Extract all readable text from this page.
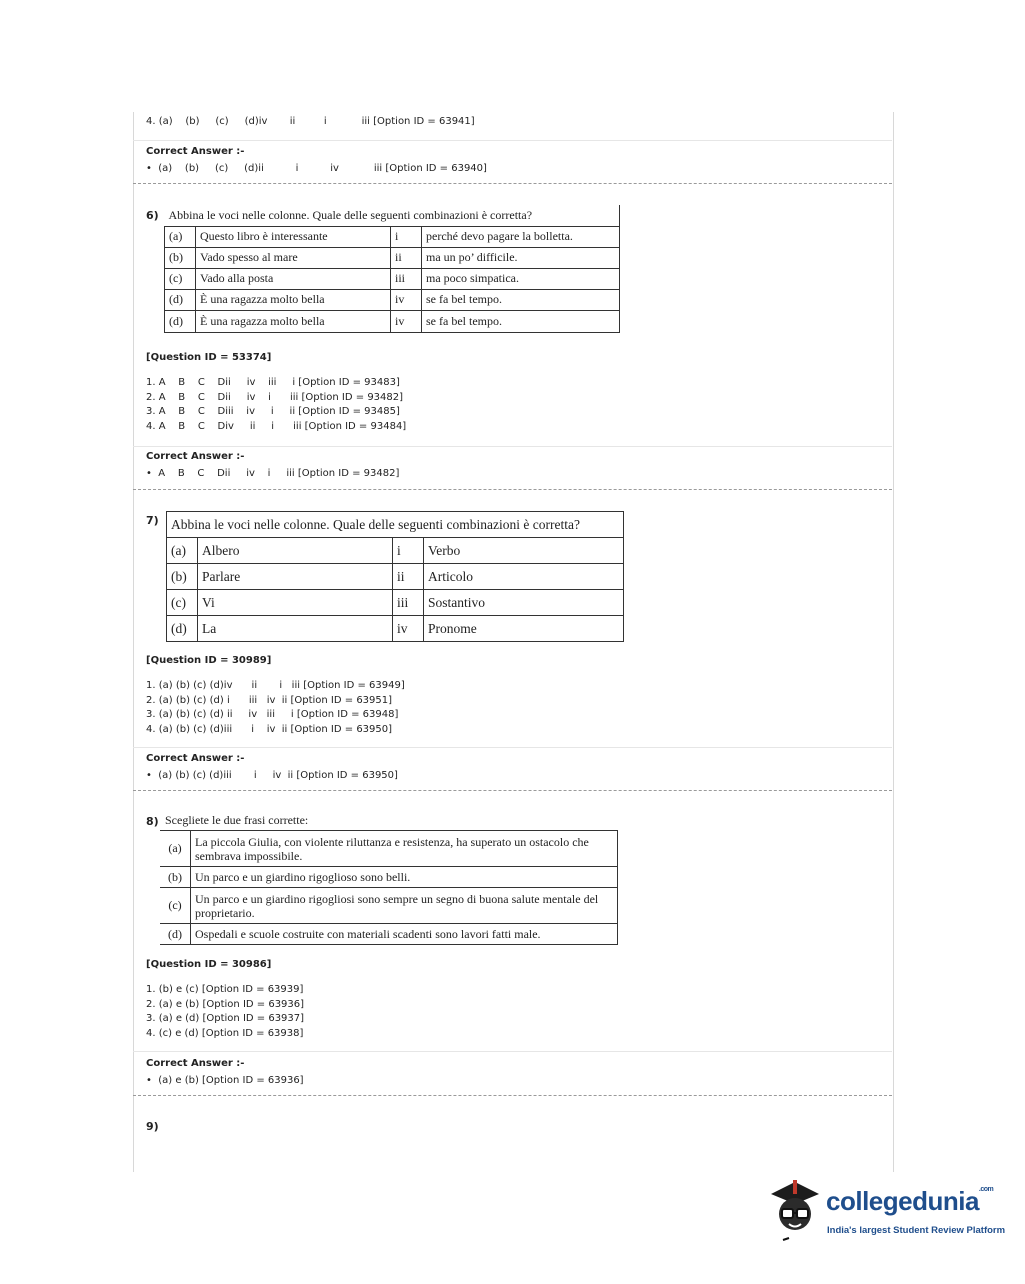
4. (a)    (b)     (c)     (d)iv       ii         i           iii [Option ID = 63941]
Correct Answer :-
•  (a)    (b)     (c)     (d)ii          i          iv           iii [Option ID = 63940]
6) Abbina le voci nelle colonne. Quale delle seguenti combinazioni è corretta?			
(a)	Questo libro è interessante	i	perché devo pagare la bolletta.
(b)	Vado spesso al mare	ii	ma un po’ difficile.
(c)	Vado alla posta	iii	ma poco simpatica.
(d)	È una ragazza molto bella	iv	se fa bel tempo.
(d)	È una ragazza molto bella	iv	se fa bel tempo.
[Question ID = 53374]
1. A    B    C    Dii     iv    iii     i [Option ID = 93483]
2. A    B    C    Dii     iv    i      iii [Option ID = 93482]
3. A    B    C    Diii    iv     i     ii [Option ID = 93485]
4. A    B    C    Div     ii     i      iii [Option ID = 93484]
Correct Answer :-
•  A    B    C    Dii     iv    i     iii [Option ID = 93482]
7) Abbina le voci nelle colonne. Quale delle seguenti combinazioni è corretta?			
(a)	Albero	i	Verbo
(b)	Parlare	ii	Articolo
(c)	Vi	iii	Sostantivo
(d)	La	iv	Pronome
[Question ID = 30989]
1. (a) (b) (c) (d)iv      ii       i   iii [Option ID = 63949]
2. (a) (b) (c) (d) i      iii   iv  ii [Option ID = 63951]
3. (a) (b) (c) (d) ii     iv   iii     i [Option ID = 63948]
4. (a) (b) (c) (d)iii      i    iv  ii [Option ID = 63950]
Correct Answer :-
•  (a) (b) (c) (d)iii       i     iv  ii [Option ID = 63950]
8) Scegliete le due frasi corrette:
(a)	La piccola Giulia, con violente riluttanza e resistenza, ha superato un ostacolo che sembrava impossibile.
(b)	Un parco e un giardino rigoglioso sono belli.
(c)	Un parco e un giardino rigogliosi sono sempre un segno di buona salute mentale del proprietario.
(d)	Ospedali e scuole costruite con materiali scadenti sono lavori fatti male.
[Question ID = 30986]
1. (b) e (c) [Option ID = 63939]
2. (a) e (b) [Option ID = 63936]
3. (a) e (d) [Option ID = 63937]
4. (c) e (d) [Option ID = 63938]
Correct Answer :-
•  (a) e (b) [Option ID = 63936]
9)
collegedunia$^{.com}$
India's largest Student Review Platform
